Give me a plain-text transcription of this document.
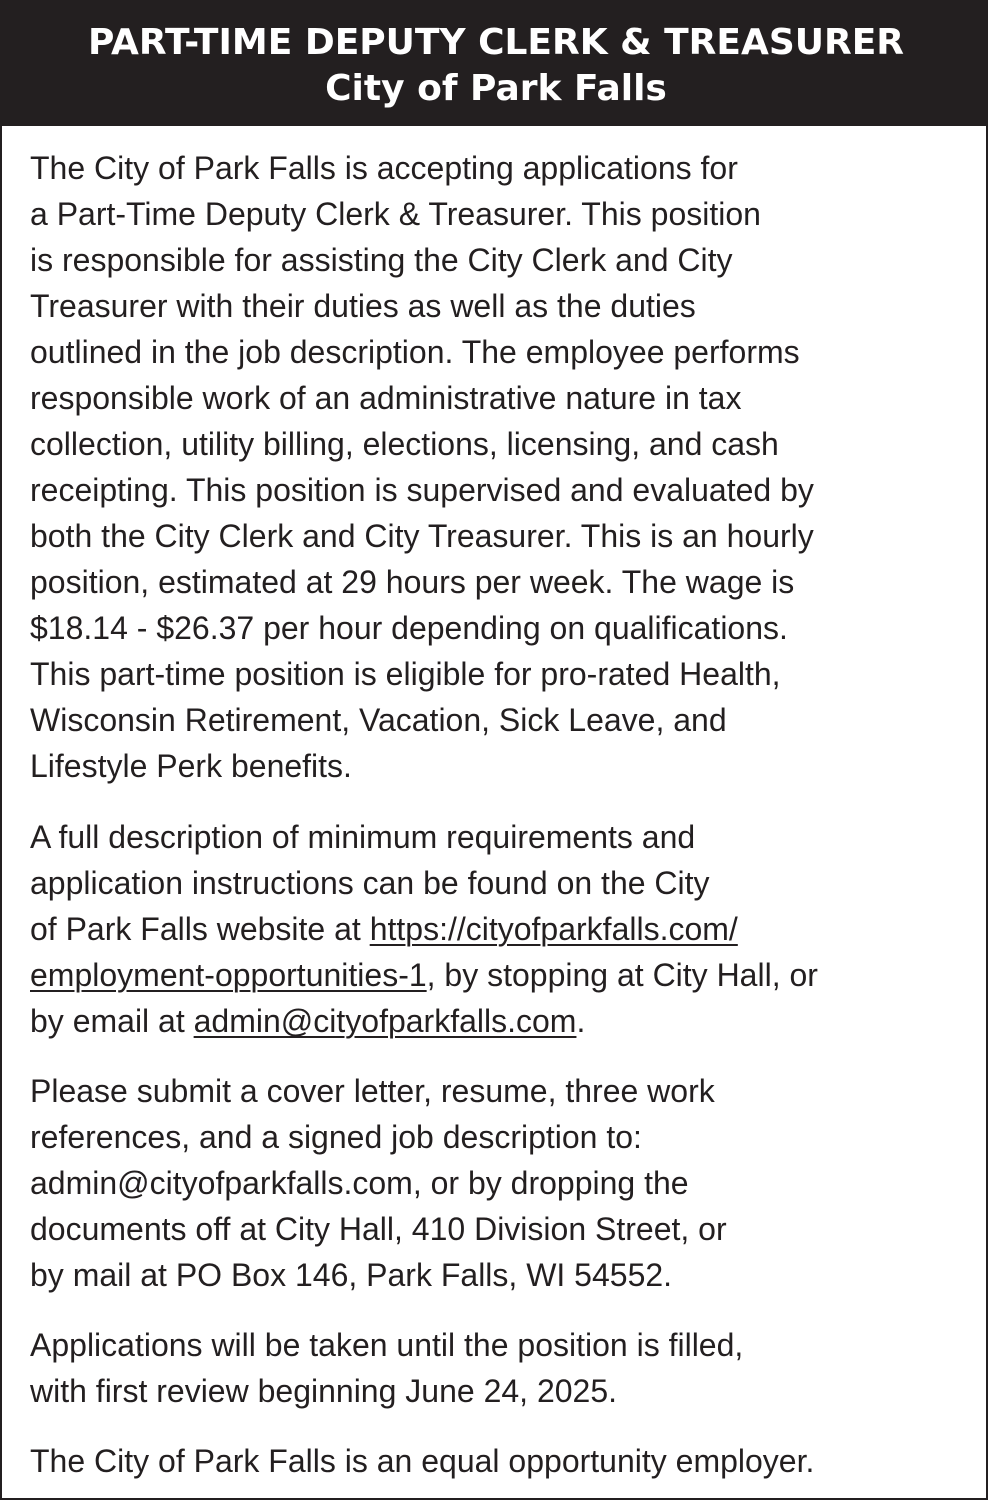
PART-TIME DEPUTY CLERK & TREASURER
City of Park Falls

The City of Park Falls is accepting applications for
a Part-Time Deputy Clerk & Treasurer. This position
is responsible for assisting the City Clerk and City
Treasurer with their duties as well as the duties
outlined in the job description. The employee performs
responsible work of an administrative nature in tax
collection, utility billing, elections, licensing, and cash
receipting. This position is supervised and evaluated by
both the City Clerk and City Treasurer. This is an hourly
position, estimated at 29 hours per week. The wage is
$18.14 - $26.37 per hour depending on qualifications.
This part-time position is eligible for pro-rated Health,
Wisconsin Retirement, Vacation, Sick Leave, and
Lifestyle Perk benefits.

A full description of minimum requirements and
application instructions can be found on the City
of Park Falls website at https://cityofparkfalls.com/
employment-opportunities-1, by stopping at City Hall, or
by email at admin@cityofparkfalls.com.

Please submit a cover letter, resume, three work
references, and a signed job description to:
admin@cityofparkfalls.com, or by dropping the
documents off at City Hall, 410 Division Street, or
by mail at PO Box 146, Park Falls, WI 54552.

Applications will be taken until the position is filled,
with first review beginning June 24, 2025.

The City of Park Falls is an equal opportunity employer.
